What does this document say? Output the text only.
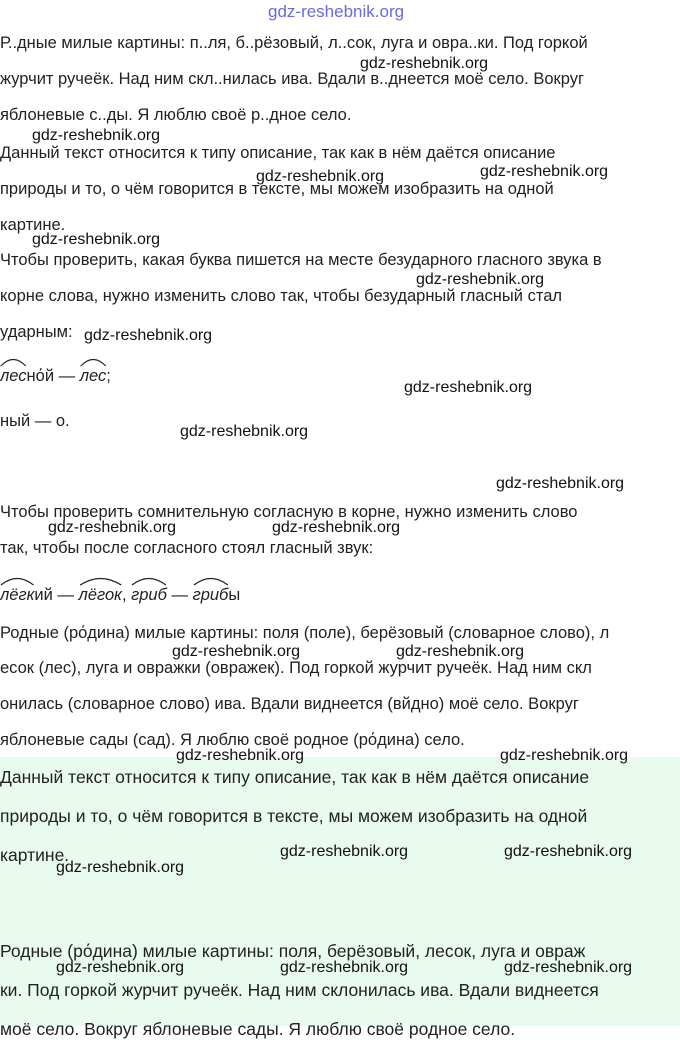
gdz-reshebnik.org
Р..дные милые картины: п..ля, б..рёзовый, л..сок, луга и овра..ки. Под горкой
журчит ручеёк. Над ним скл..нилась ива. Вдали в..днеется моё село. Вокруг
яблоневые с..ды. Я люблю своё р..дное село.
Данный текст относится к типу описание, так как в нём даётся описание
природы и то, о чём говорится в тексте, мы можем изобразить на одной
картине.
Чтобы проверить, какая буква пишется на месте безударного гласного звука в
корне слова, нужно изменить слово так, чтобы безударный гласный стал
ударным:
леснόй —
лес;
ный — о.
Чтобы проверить сомнительную согласную в корне, нужно изменить слово
так, чтобы после согласного стоял гласный звук:
лёгкий —
лёгок,
гриб —
грибы
Родные (рόдина) милые картины: поля (поле), берёзовый (словарное слово), л
есок (лес), луга и овражки (овражек). Под горкой журчит ручеёк. Над ним скл
онилась (словарное слово) ива. Вдали виднеется (вйдно) моё село. Вокруг
яблоневые сады (сад). Я люблю своё родное (рόдина) село.
Данный текст относится к типу описание, так как в нём даётся описание
природы и то, о чём говорится в тексте, мы можем изобразить на одной
картине.
Родные (рόдина) милые картины: поля, берёзовый, лесок, луга и овраж
ки. Под горкой журчит ручеёк. Над ним склонилась ива. Вдали виднеется
моё село. Вокруг яблоневые сады. Я люблю своё родное село.
gdz-reshebnik.org
gdz-reshebnik.org
gdz-reshebnik.org	gdz-reshebnik.org
gdz-reshebnik.org
gdz-reshebnik.org
gdz-reshebnik.org
gdz-reshebnik.org
gdz-reshebnik.org
gdz-reshebnik.org
gdz-reshebnik.org	gdz-reshebnik.org
gdz-reshebnik.org	gdz-reshebnik.org
gdz-reshebnik.org	gdz-reshebnik.org
gdz-reshebnik.org	gdz-reshebnik.org
gdz-reshebnik.org
gdz-reshebnik.org	gdz-reshebnik.org	gdz-reshebnik.org
